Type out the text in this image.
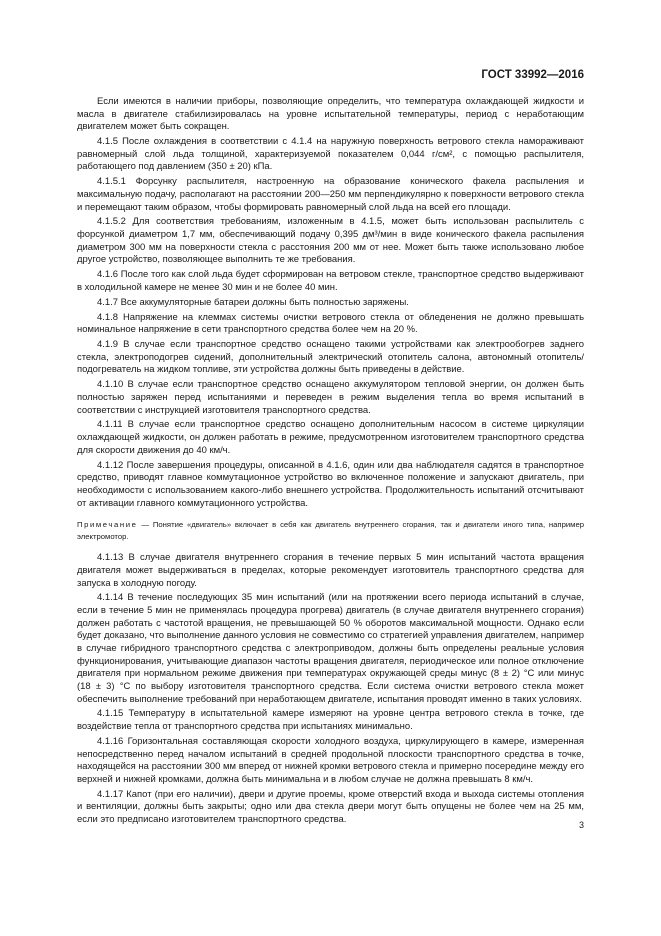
ГОСТ 33992—2016

Если имеются в наличии приборы, позволяющие определить, что температура охлаждающей жидкости и масла в двигателе стабилизировалась на уровне испытательной температуры, период с неработающим двигателем может быть сокращен.

4.1.5 После охлаждения в соответствии с 4.1.4 на наружную поверхность ветрового стекла намораживают равномерный слой льда толщиной, характеризуемой показателем 0,044 г/см², с помощью распылителя, работающего под давлением (350 ± 20) кПа.

4.1.5.1 Форсунку распылителя, настроенную на образование конического факела распыления и максимальную подачу, располагают на расстоянии 200—250 мм перпендикулярно к поверхности ветрового стекла и перемещают таким образом, чтобы формировать равномерный слой льда на всей его площади.

4.1.5.2 Для соответствия требованиям, изложенным в 4.1.5, может быть использован распылитель с форсункой диаметром 1,7 мм, обеспечивающий подачу 0,395 дм³/мин в виде конического факела распыления диаметром 300 мм на поверхности стекла с расстояния 200 мм от нее. Может быть также использовано любое другое устройство, позволяющее выполнить те же требования.

4.1.6 После того как слой льда будет сформирован на ветровом стекле, транспортное средство выдерживают в холодильной камере не менее 30 мин и не более 40 мин.

4.1.7 Все аккумуляторные батареи должны быть полностью заряжены.

4.1.8 Напряжение на клеммах системы очистки ветрового стекла от обледенения не должно превышать номинальное напряжение в сети транспортного средства более чем на 20 %.

4.1.9 В случае если транспортное средство оснащено такими устройствами как электрообогрев заднего стекла, электроподогрев сидений, дополнительный электрический отопитель салона, автономный отопитель/подогреватель на жидком топливе, эти устройства должны быть приведены в действие.

4.1.10 В случае если транспортное средство оснащено аккумулятором тепловой энергии, он должен быть полностью заряжен перед испытаниями и переведен в режим выделения тепла во время испытаний в соответствии с инструкцией изготовителя транспортного средства.

4.1.11 В случае если транспортное средство оснащено дополнительным насосом в системе циркуляции охлаждающей жидкости, он должен работать в режиме, предусмотренном изготовителем транспортного средства для скорости движения до 40 км/ч.

4.1.12 После завершения процедуры, описанной в 4.1.6, один или два наблюдателя садятся в транспортное средство, приводят главное коммутационное устройство во включенное положение и запускают двигатель, при необходимости с использованием какого-либо внешнего устройства. Продолжительность испытаний отсчитывают от активации главного коммутационного устройства.

Примечание — Понятие «двигатель» включает в себя как двигатель внутреннего сгорания, так и двигатели иного типа, например электромотор.

4.1.13 В случае двигателя внутреннего сгорания в течение первых 5 мин испытаний частота вращения двигателя может выдерживаться в пределах, которые рекомендует изготовитель транспортного средства для запуска в холодную погоду.

4.1.14 В течение последующих 35 мин испытаний (или на протяжении всего периода испытаний в случае, если в течение 5 мин не применялась процедура прогрева) двигатель (в случае двигателя внутреннего сгорания) должен работать с частотой вращения, не превышающей 50 % оборотов максимальной мощности. Однако если будет доказано, что выполнение данного условия не совместимо со стратегией управления двигателем, например в случае гибридного транспортного средства с электроприводом, должны быть определены реальные условия функционирования, учитывающие диапазон частоты вращения двигателя, периодическое или полное отключение двигателя при нормальном режиме движения при температурах окружающей среды минус (8 ± 2) °С или минус (18 ± 3) °С по выбору изготовителя транспортного средства. Если система очистки ветрового стекла может обеспечить выполнение требований при неработающем двигателе, испытания проводят именно в таких условиях.

4.1.15 Температуру в испытательной камере измеряют на уровне центра ветрового стекла в точке, где воздействие тепла от транспортного средства при испытаниях минимально.

4.1.16 Горизонтальная составляющая скорости холодного воздуха, циркулирующего в камере, измеренная непосредственно перед началом испытаний в средней продольной плоскости транспортного средства в точке, находящейся на расстоянии 300 мм вперед от нижней кромки ветрового стекла и примерно посередине между его верхней и нижней кромками, должна быть минимальна и в любом случае не должна превышать 8 км/ч.

4.1.17 Капот (при его наличии), двери и другие проемы, кроме отверстий входа и выхода системы отопления и вентиляции, должны быть закрыты; одно или два стекла двери могут быть опущены не более чем на 25 мм, если это предписано изготовителем транспортного средства.	3
